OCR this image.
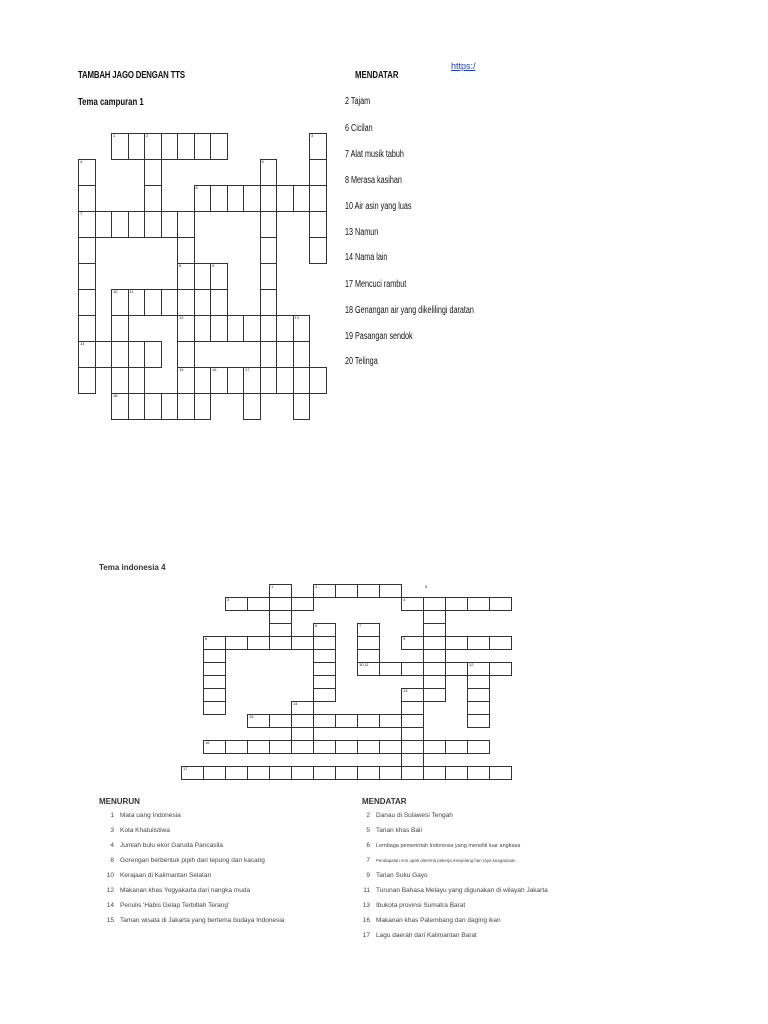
TAMBAH JAGO DENGAN TTS
Tema campuran 1
MENDATAR
https:/
2 Tajam
6 Cicilan
7 Alat musik tabuh
8 Merasa kasihan
10 Air asin yang luas
13 Namun
14 Nama lain
17 Mencuci rambut
18 Genangan air yang dikelilingi daratan
19 Pasangan sendok
20 Telinga
1	2	3
4	5
6
7
8	9
10	11
12	13
14
15	16	17
18
Tema indonesia 4
1	2
3	4
5
6	7
8	9
10,11	12
13
14
15
16
17
MENURUN	MENDATAR
1 Mata uang Indonesia
3 Kota Khatulistiwa
4 Jumlah bulu ekor Garuda Pancasila
8 Gorengan berbentuk pipih dari tepung dan kacang
10 Kerajaan di Kalimantan Selatan
12 Makanan khas Yogyakarta dari nangka muda
14 Penulis 'Habis Gelap Terbitlah Terang'
15 Taman wisata di Jakarta yang bertema budaya Indonesia
2 Danau di Sulawesi Tengah
5 Tarian khas Bali
6 Lembaga pemerintah Indonesia yang meneliti luar angkasa
7 Pendapatan non upah diterima pekerja menjelang hari raya keagamaan
9 Tarian Suku Gayo
11 Turunan Bahasa Melayu yang digunakan di wilayah Jakarta
13 Ibukota provinsi Sumatra Barat
16 Makanan khas Palembang dari daging ikan
17 Lagu daerah dari Kalimantan Barat
